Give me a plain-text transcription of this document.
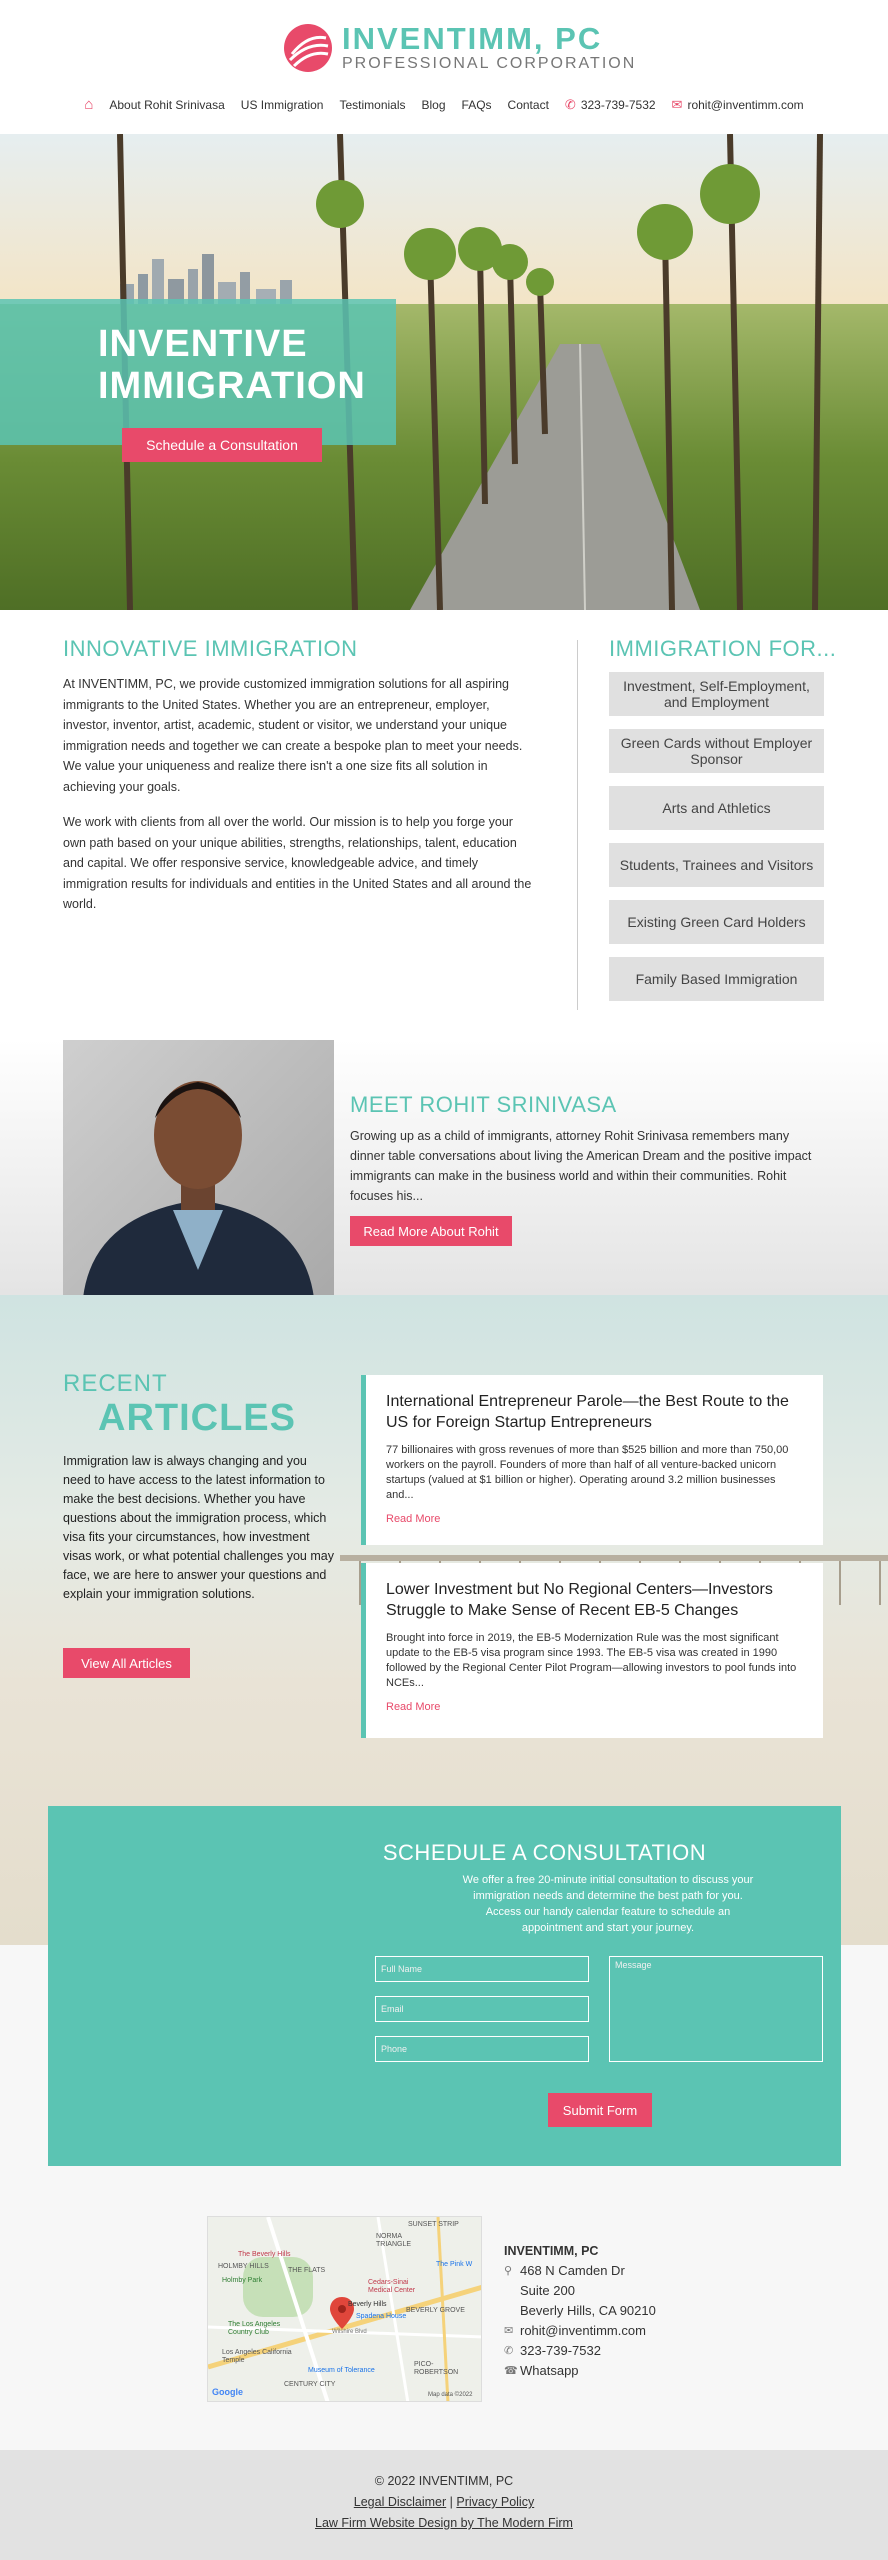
INVENTIMM, PC
PROFESSIONAL CORPORATION
⌂ About Rohit Srinivasa US Immigration Testimonials Blog FAQs Contact ✆ 323-739-7532 ✉ rohit@inventimm.com
INVENTIVE IMMIGRATION
Schedule a Consultation
INNOVATIVE IMMIGRATION
At INVENTIMM, PC, we provide customized immigration solutions for all aspiring immigrants to the United States. Whether you are an entrepreneur, employer, investor, inventor, artist, academic, student or visitor, we understand your unique immigration needs and together we can create a bespoke plan to meet your needs. We value your uniqueness and realize there isn't a one size fits all solution in achieving your goals.
We work with clients from all over the world. Our mission is to help you forge your own path based on your unique abilities, strengths, relationships, talent, education and capital. We offer responsive service, knowledgeable advice, and timely immigration results for individuals and entities in the United States and all around the world.
IMMIGRATION FOR...
Investment, Self-Employment, and Employment
Green Cards without Employer Sponsor
Arts and Athletics
Students, Trainees and Visitors
Existing Green Card Holders
Family Based Immigration
MEET ROHIT SRINIVASA
Growing up as a child of immigrants, attorney Rohit Srinivasa remembers many dinner table conversations about living the American Dream and the positive impact immigrants can make in the business world and within their communities. Rohit focuses his...
Read More About Rohit
RECENT
ARTICLES
Immigration law is always changing and you need to have access to the latest information to make the best decisions. Whether you have questions about the immigration process, which visa fits your circumstances, how investment visas work, or what potential challenges you may face, we are here to answer your questions and explain your immigration solutions.
View All Articles
International Entrepreneur Parole—the Best Route to the US for Foreign Startup Entrepreneurs
77 billionaires with gross revenues of more than $525 billion and more than 750,00 workers on the payroll. Founders of more than half of all venture-backed unicorn startups (valued at $1 billion or higher). Operating around 3.2 million businesses and...
Read More
Lower Investment but No Regional Centers—Investors Struggle to Make Sense of Recent EB-5 Changes
Brought into force in 2019, the EB-5 Modernization Rule was the most significant update to the EB-5 visa program since 1993. The EB-5 visa was created in 1990 followed by the Regional Center Pilot Program—allowing investors to pool funds into NCEs...
Read More
SCHEDULE A CONSULTATION
We offer a free 20-minute initial consultation to discuss your immigration needs and determine the best path for you. Access our handy calendar feature to schedule an appointment and start your journey.
Full Name
Email
Phone
Message
Submit Form
SUNSET STRIP
NORMA TRIANGLE
HOLMBY HILLS
THE FLATS
The Beverly Hills
The Pink W
Holmby Park	Cedars-Sinai Medical Center
The Los Angeles Country Club
Beverly Hills
Spadena House
BEVERLY GROVE
Wilshire Blvd
Los Angeles California Temple
Museum of Tolerance
CENTURY CITY
PICO-ROBERTSON
Google	Map data ©2022
INVENTIMM, PC
⚲ 468 N Camden Dr
Suite 200
Beverly Hills, CA 90210
✉ rohit@inventimm.com
✆ 323-739-7532
☎ Whatsapp
© 2022 INVENTIMM, PC
Legal Disclaimer | Privacy Policy
Law Firm Website Design by The Modern Firm
